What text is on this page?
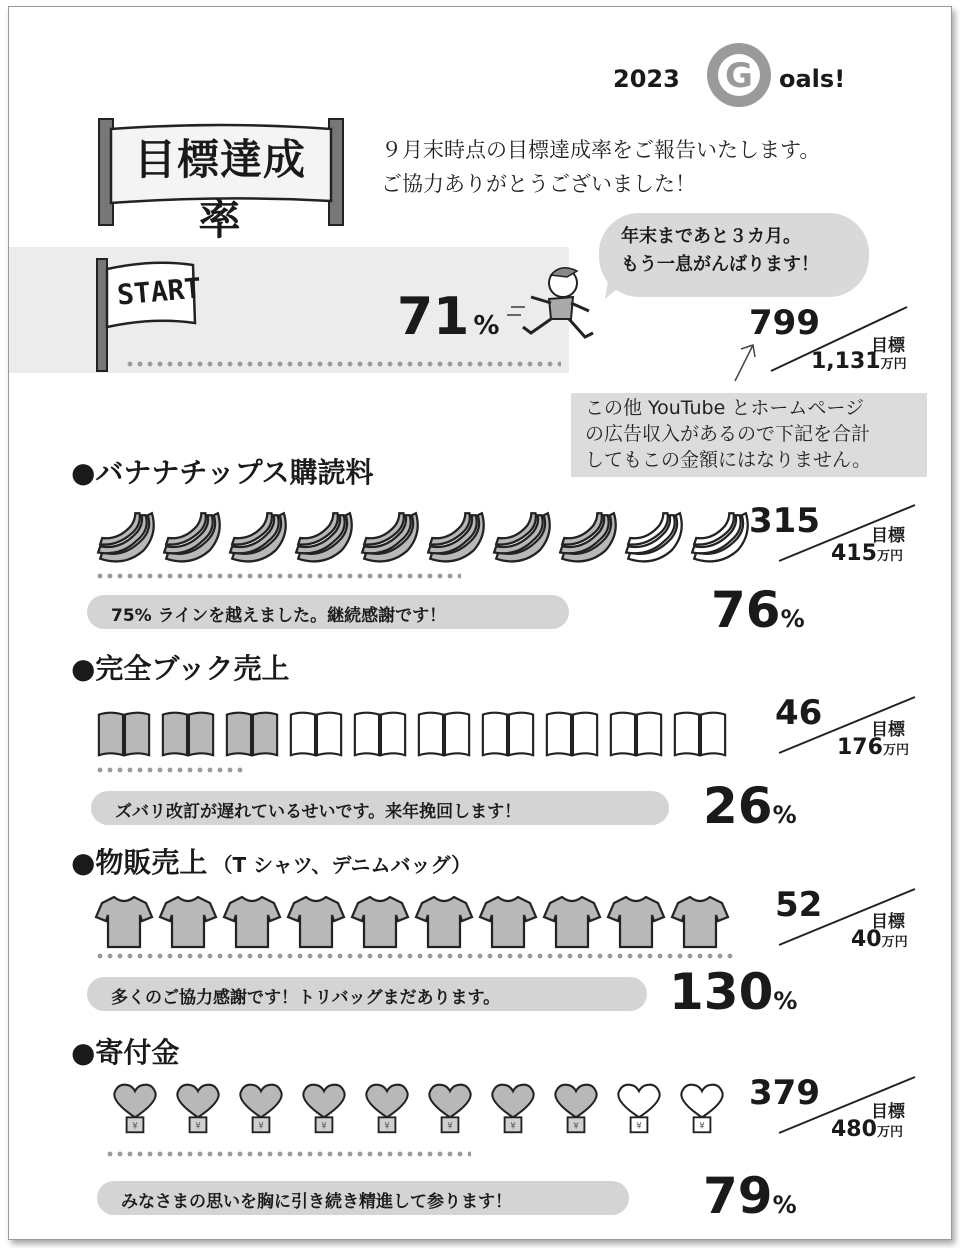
2023 G oals!
目標達成率
９月末時点の目標達成率をご報告いたします。
ご協力ありがとうございました！
START	71 %
年末まであと３カ月。
もう一息がんばります！
799
目標
1,131万円
この他 YouTube とホームページ
の広告収入があるので下記を合計
してもこの金額にはなりません。
●バナナチップス購読料
315	目標
415万円
75% ラインを越えました。継続感謝です！	76%
●完全ブック売上
46	目標
176万円
ズバリ改訂が遅れているせいです。来年挽回します！	26%
●物販売上 （T シャツ、デニムバッグ）
52	目標
40万円
多くのご協力感謝です！トリバッグまだあります。	130%
●寄付金
¥	¥	¥	¥	¥	¥	¥	¥	¥	¥
379	目標
480万円
みなさまの思いを胸に引き続き精進して参ります！	79%
